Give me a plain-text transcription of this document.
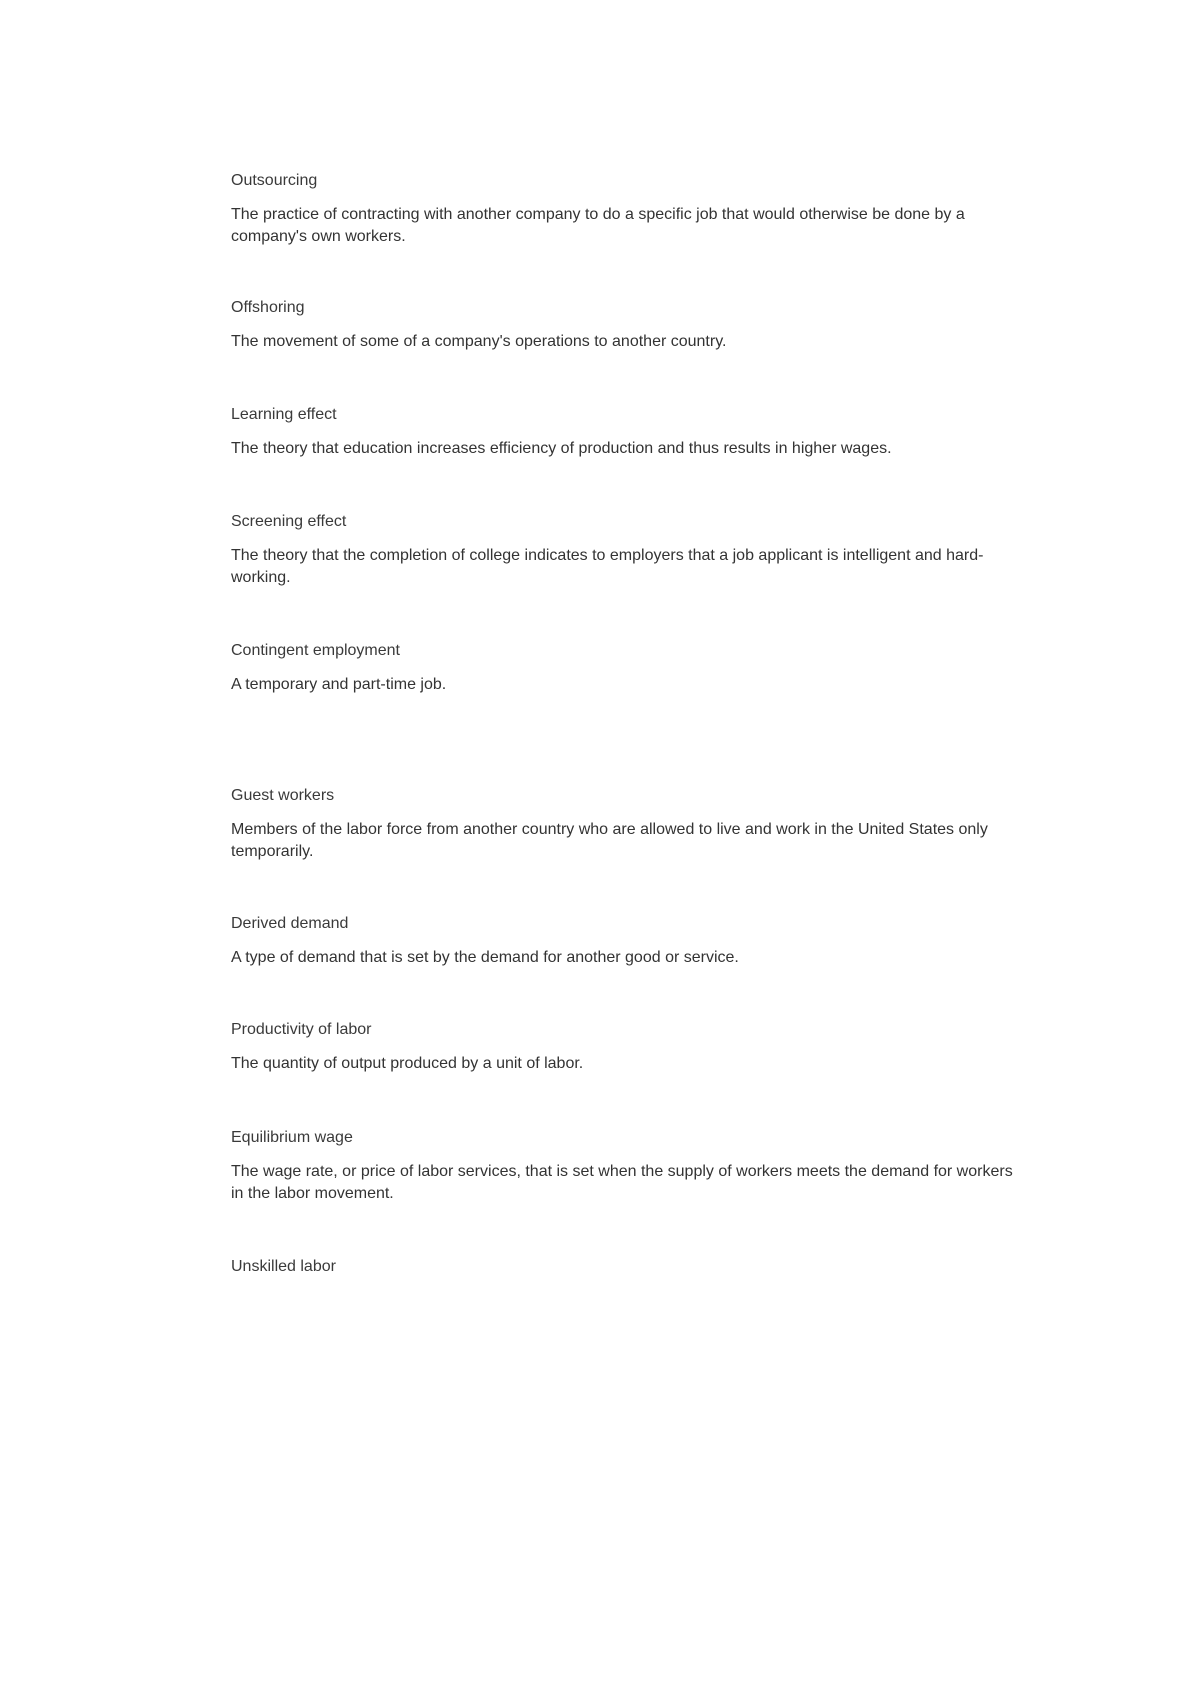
Outsourcing

The practice of contracting with another company to do a specific job that would otherwise be done by a company's own workers.

Offshoring

The movement of some of a company's operations to another country.

Learning effect

The theory that education increases efficiency of production and thus results in higher wages.

Screening effect

The theory that the completion of college indicates to employers that a job applicant is intelligent and hard-working.

Contingent employment

A temporary and part-time job.

Guest workers

Members of the labor force from another country who are allowed to live and work in the United States only temporarily.

Derived demand

A type of demand that is set by the demand for another good or service.

Productivity of labor

The quantity of output produced by a unit of labor.

Equilibrium wage

The wage rate, or price of labor services, that is set when the supply of workers meets the demand for workers in the labor movement.

Unskilled labor
